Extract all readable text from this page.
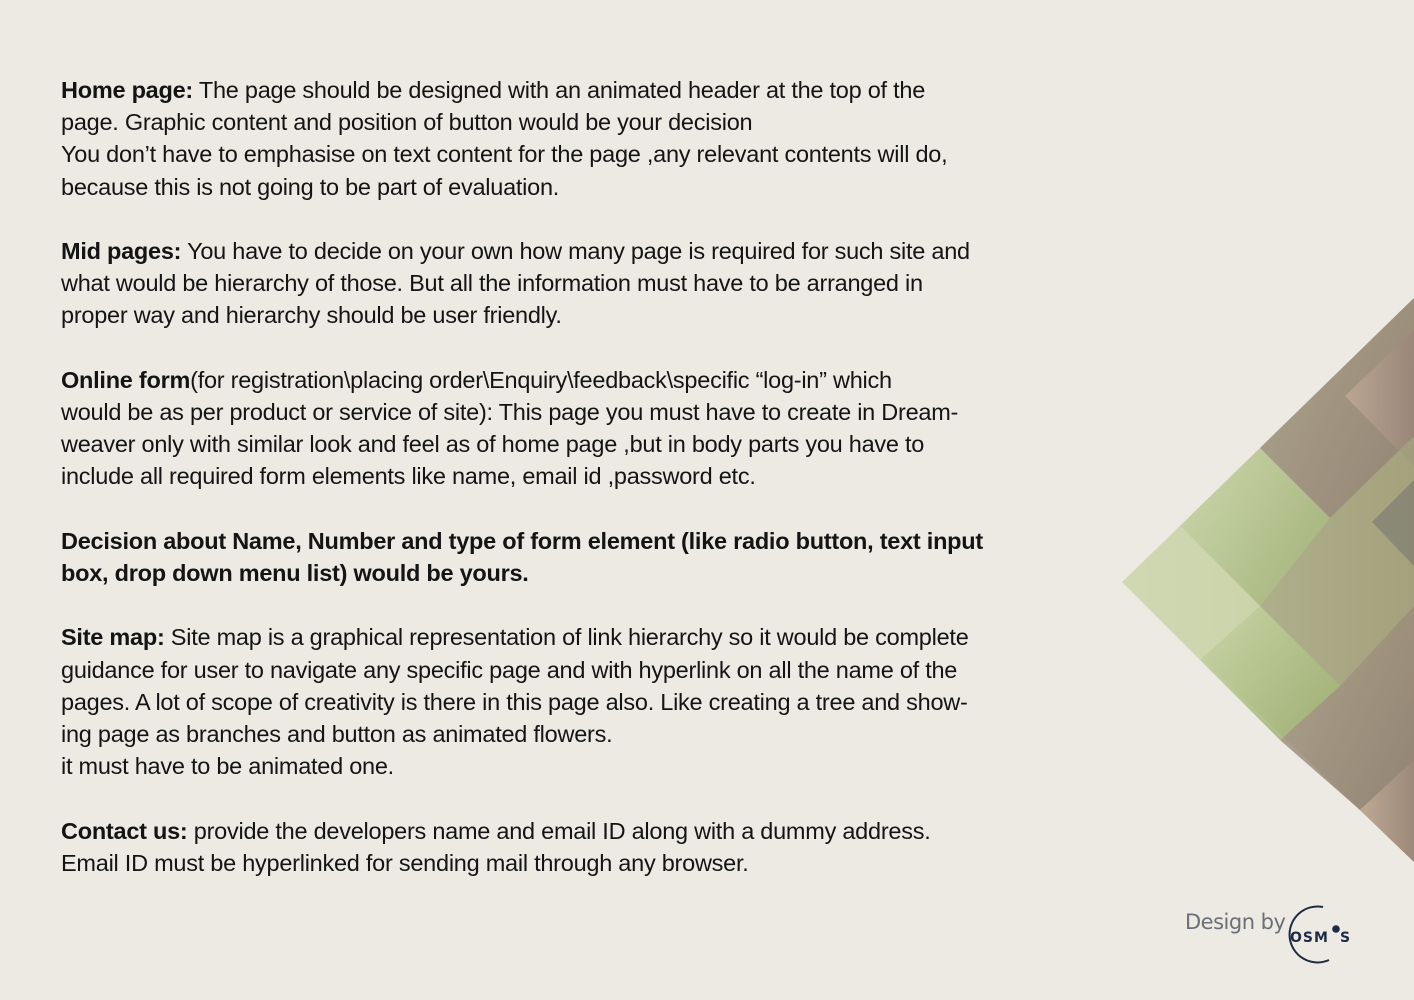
Home page: The page should be designed with an animated header at the top of the
page. Graphic content and position of button would be your decision
You don’t have to emphasise on text content for the page ,any relevant contents will do,
because this is not going to be part of evaluation.

Mid pages: You have to decide on your own how many page is required for such site and
what would be hierarchy of those. But all the information must have to be arranged in
proper way and hierarchy should be user friendly.

Online form(for registration\placing order\Enquiry\feedback\specific “log-in” which
would be as per product or service of site): This page you must have to create in Dream-
weaver only with similar look and feel as of home page ,but in body parts you have to
include all required form elements like name, email id ,password etc.

Decision about Name, Number and type of form element (like radio button, text input
box, drop down menu list) would be yours.

Site map: Site map is a graphical representation of link hierarchy so it would be complete
guidance for user to navigate any specific page and with hyperlink on all the name of the
pages. A lot of scope of creativity is there in this page also. Like creating a tree and show-
ing page as branches and button as animated flowers.
it must have to be animated one.

Contact us: provide the developers name and email ID along with a dummy address.
Email ID must be hyperlinked for sending mail through any browser.

Design by
OSM S
